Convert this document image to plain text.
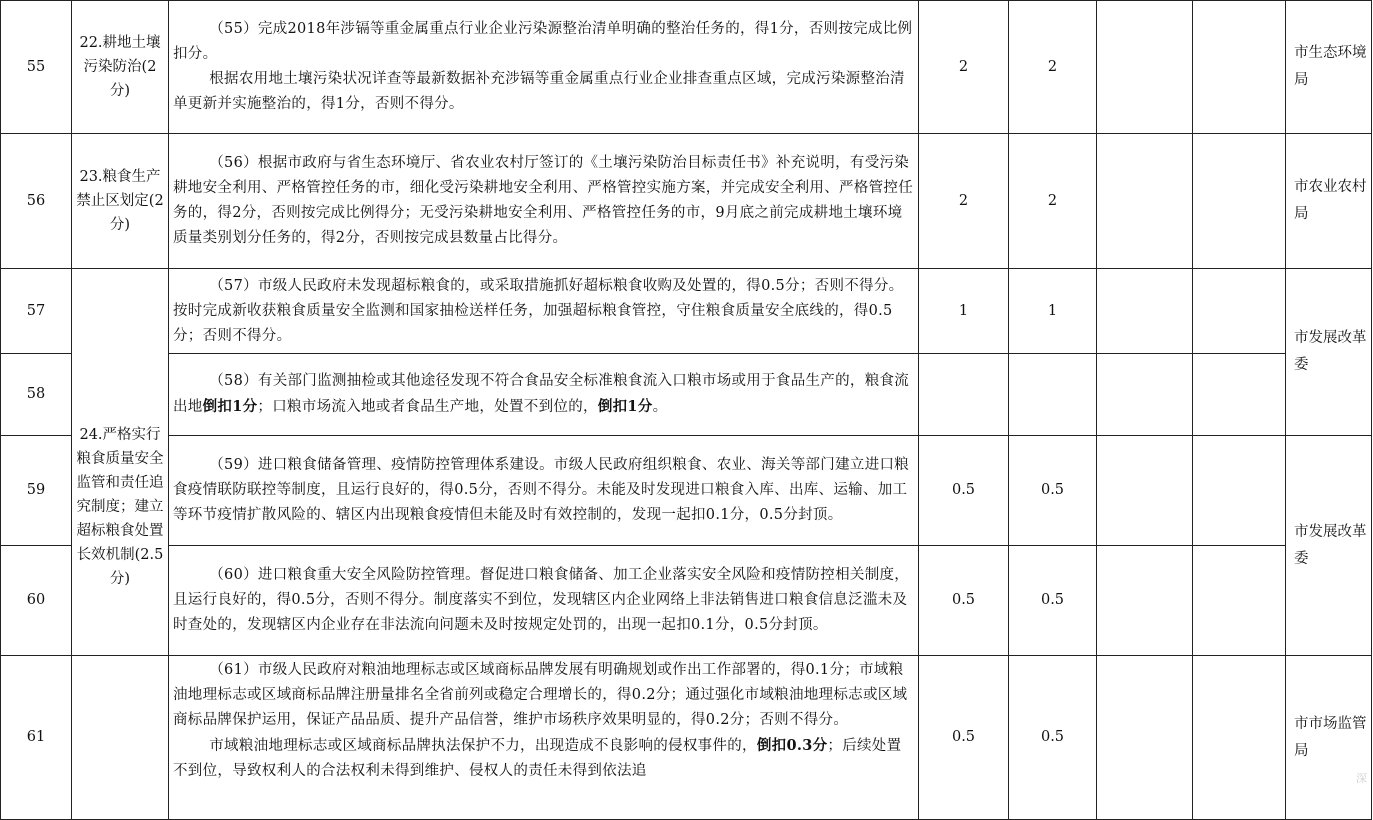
55	22.耕地土壤污染防治(2分)	（55）完成2018年涉镉等重金属重点行业企业污染源整治清单明确的整治任务的，得1分，否则按完成比例扣分。
根据农用地土壤污染状况详查等最新数据补充涉镉等重金属重点行业企业排查重点区域，完成污染源整治清单更新并实施整治的，得1分，否则不得分。	2	2			市生态环境局
56	23.粮食生产禁止区划定(2分)	（56）根据市政府与省生态环境厅、省农业农村厅签订的《土壤污染防治目标责任书》补充说明，有受污染耕地安全利用、严格管控任务的市，细化受污染耕地安全利用、严格管控实施方案，并完成安全利用、严格管控任务的，得2分，否则按完成比例得分；无受污染耕地安全利用、严格管控任务的市，9月底之前完成耕地土壤环境质量类别划分任务的，得2分，否则按完成县数量占比得分。	2	2			市农业农村局
57	24.严格实行粮食质量安全监管和责任追究制度；建立超标粮食处置长效机制(2.5分)	（57）市级人民政府未发现超标粮食的，或采取措施抓好超标粮食收购及处置的，得0.5分；否则不得分。按时完成新收获粮食质量安全监测和国家抽检送样任务，加强超标粮食管控，守住粮食质量安全底线的，得0.5分；否则不得分。	1	1			市发展改革委
58		（58）有关部门监测抽检或其他途径发现不符合食品安全标准粮食流入口粮市场或用于食品生产的，粮食流出地倒扣1分；口粮市场流入地或者食品生产地，处置不到位的，倒扣1分。					

59		（59）进口粮食储备管理、疫情防控管理体系建设。市级人民政府组织粮食、农业、海关等部门建立进口粮食疫情联防联控等制度，且运行良好的，得0.5分，否则不得分。未能及时发现进口粮食入库、出库、运输、加工等环节疫情扩散风险的、辖区内出现粮食疫情但未能及时有效控制的，发现一起扣0.1分，0.5分封顶。	0.5	0.5			市发展改革委
60		（60）进口粮食重大安全风险防控管理。督促进口粮食储备、加工企业落实安全风险和疫情防控相关制度，且运行良好的，得0.5分，否则不得分。制度落实不到位，发现辖区内企业网络上非法销售进口粮食信息泛滥未及时查处的，发现辖区内企业存在非法流向问题未及时按规定处罚的，出现一起扣0.1分，0.5分封顶。	0.5	0.5			
61		（61）市级人民政府对粮油地理标志或区域商标品牌发展有明确规划或作出工作部署的，得0.1分；市域粮油地理标志或区域商标品牌注册量排名全省前列或稳定合理增长的，得0.2分；通过强化市域粮油地理标志或区域商标品牌保护运用，保证产品品质、提升产品信誉，维护市场秩序效果明显的，得0.2分；否则不得分。
市域粮油地理标志或区域商标品牌执法保护不力，出现造成不良影响的侵权事件的，倒扣0.3分；后续处置不到位，导致权利人的合法权利未得到维护、侵权人的责任未得到依法追	0.5	0.5			市市场监管局
深
